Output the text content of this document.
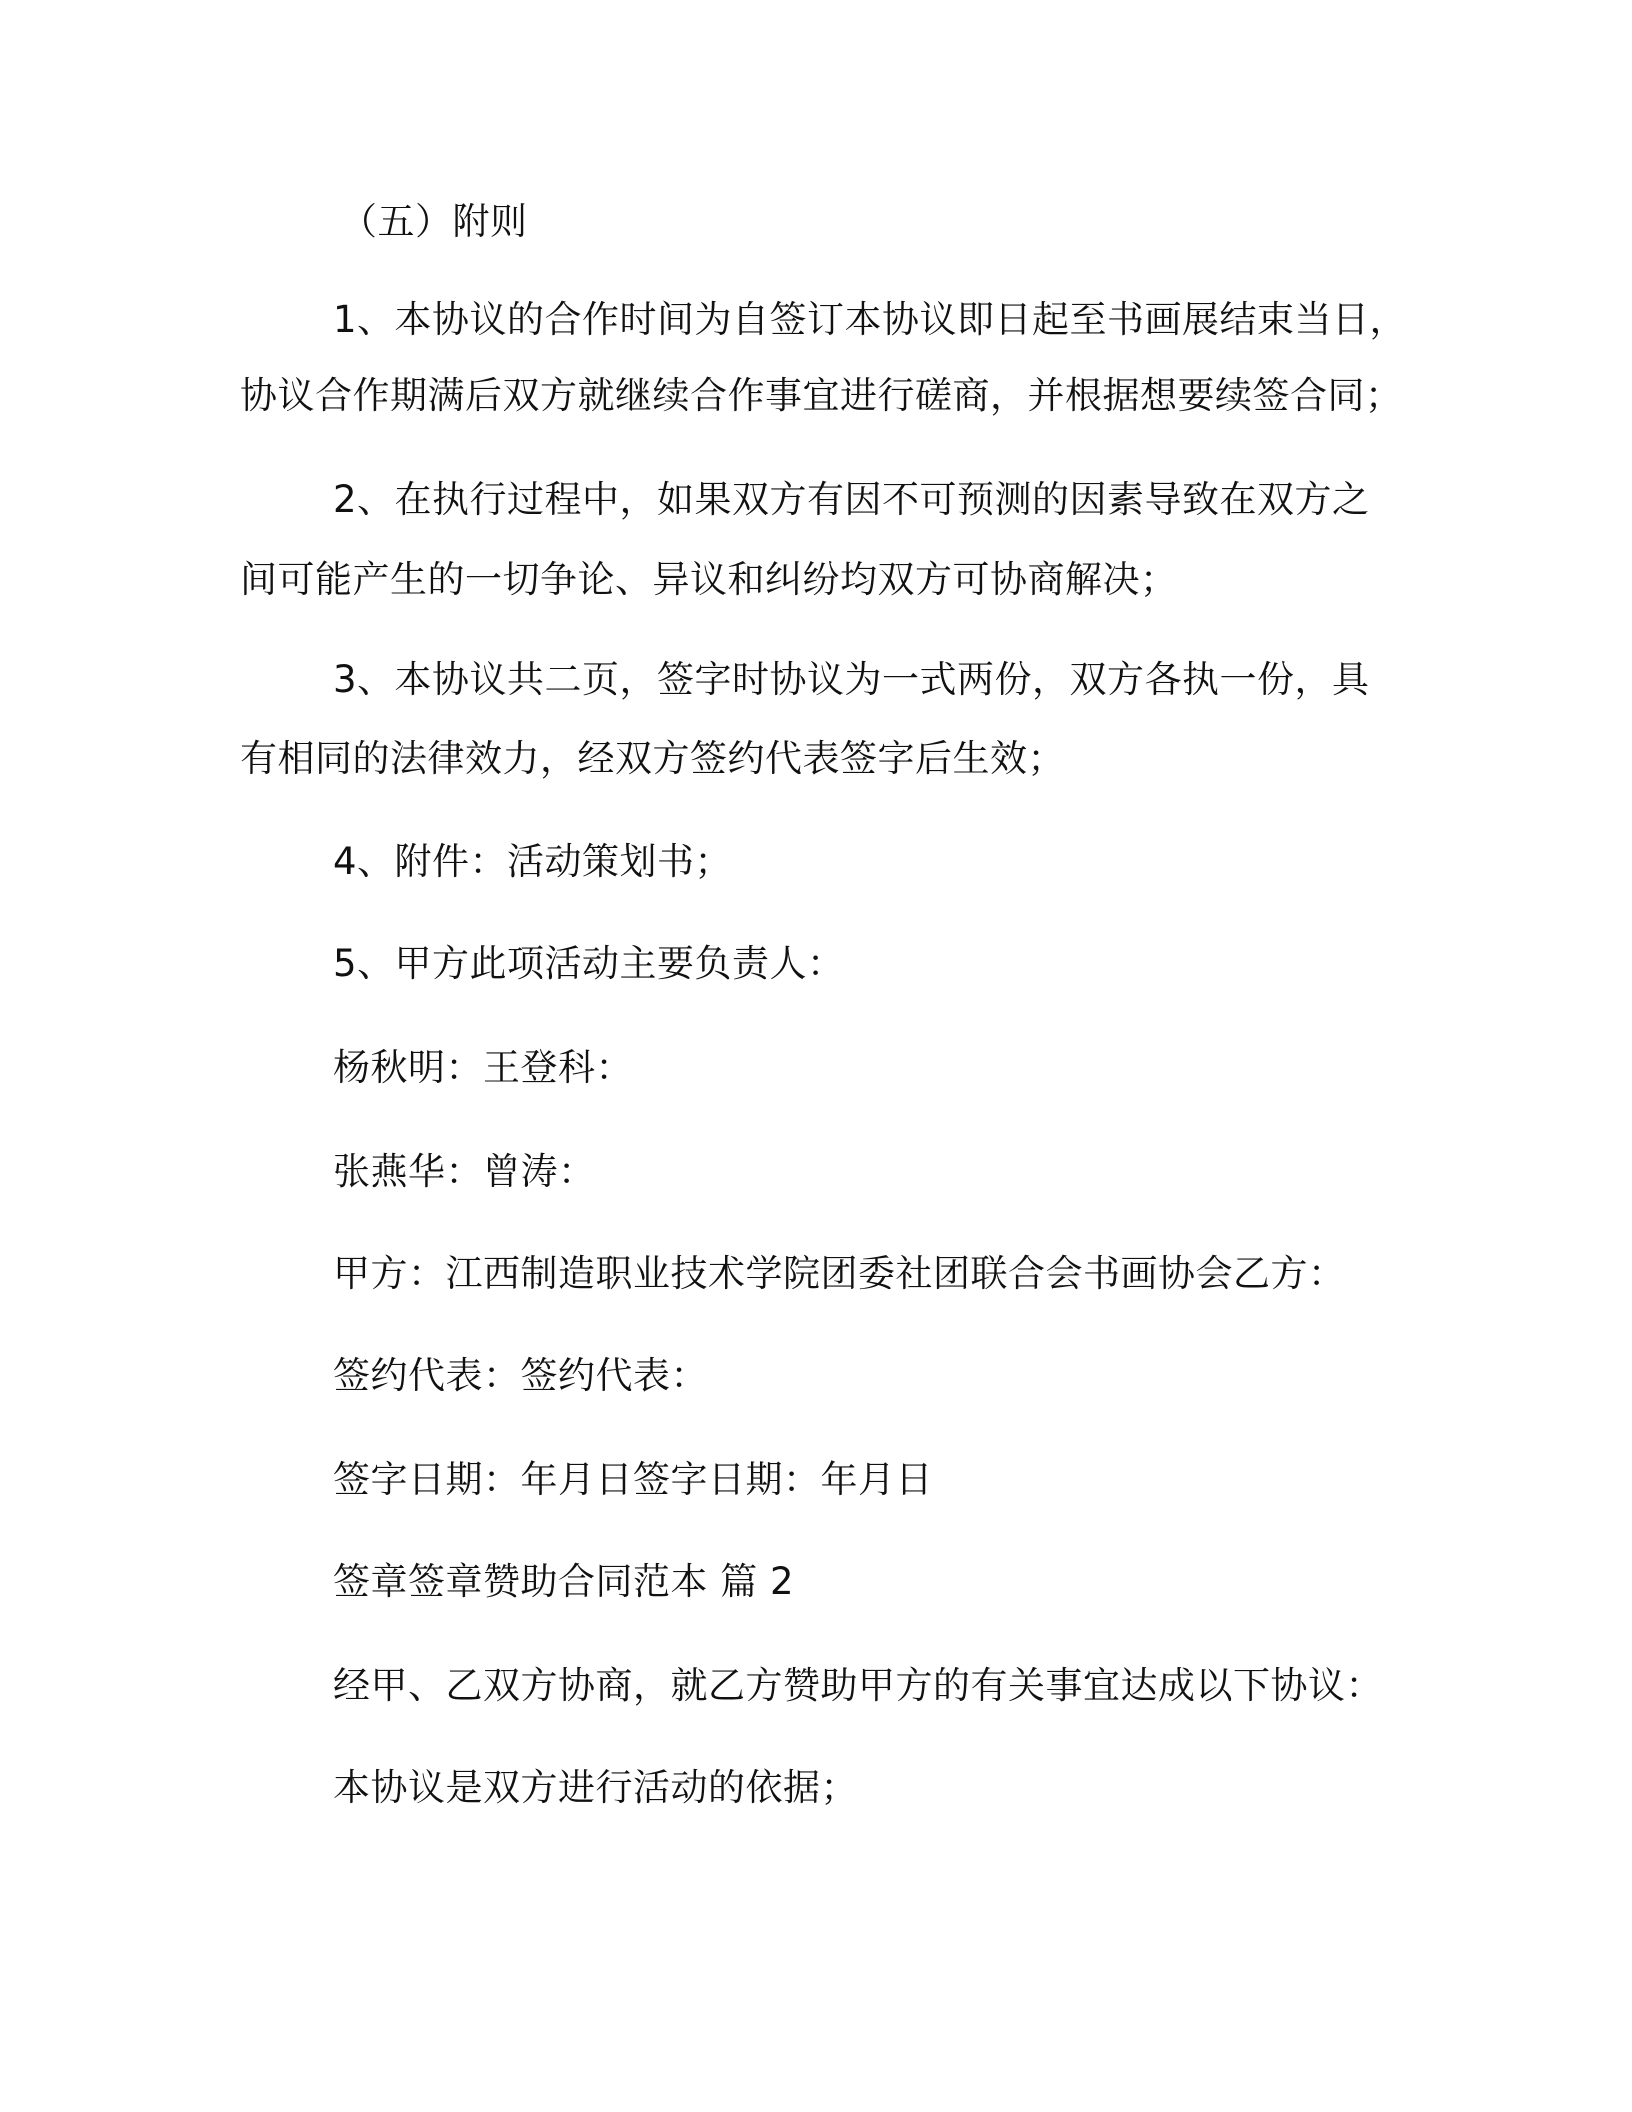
（五）附则
1、本协议的合作时间为自签订本协议即日起至书画展结束当日，
协议合作期满后双方就继续合作事宜进行磋商，并根据想要续签合同；
2、在执行过程中，如果双方有因不可预测的因素导致在双方之
间可能产生的一切争论、异议和纠纷均双方可协商解决；
3、本协议共二页，签字时协议为一式两份，双方各执一份，具
有相同的法律效力，经双方签约代表签字后生效；
4、附件：活动策划书；
5、甲方此项活动主要负责人：
杨秋明：王登科：
张燕华：曾涛：
甲方：江西制造职业技术学院团委社团联合会书画协会乙方：
签约代表：签约代表：
签字日期：年月日签字日期：年月日
签章签章赞助合同范本 篇 2
经甲、乙双方协商，就乙方赞助甲方的有关事宜达成以下协议：
本协议是双方进行活动的依据；
